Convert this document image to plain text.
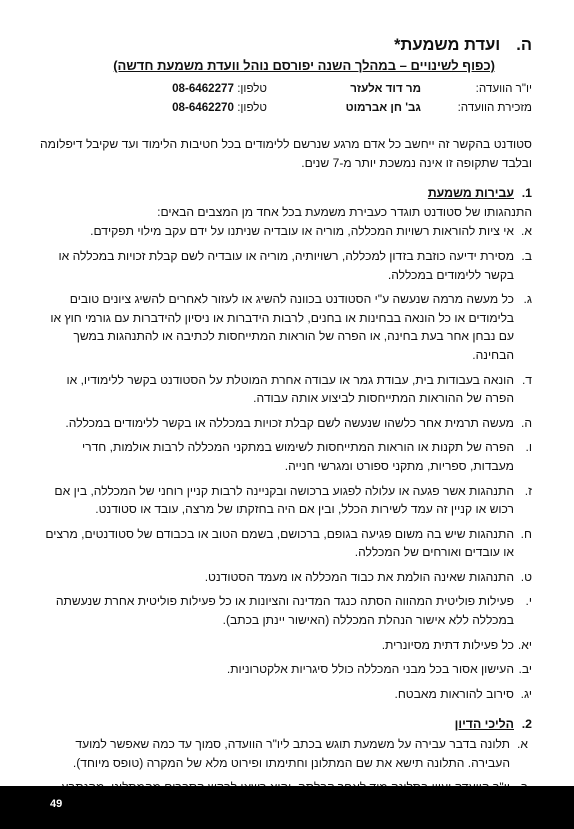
ה.ועדת משמעת*
(כפוף לשינויים – במהלך השנה יפורסם נוהל וועדת משמעת חדשה)
יו"ר הוועדה:
מר דוד אלעזר
טלפון: 08-6462277
מזכירת הוועדה:
גב' חן אברמוט
טלפון: 08-6462270

סטודנט בהקשר זה ייחשב כל אדם מרגע שנרשם ללימודים בכל חטיבות הלימוד ועד שקיבל דיפלומה ובלבד שתקופה זו אינה נמשכת יותר מ-7 שנים.

1.
עבירות משמעת

התנהגותו של סטודנט תוגדר כעבירת משמעת בכל אחד מן המצבים הבאים:

א.
אי ציות להוראות רשויות המכללה, מוריה או עובדיה שניתנו על ידם עקב מילוי תפקידם.
ב.
מסירת ידיעה כוזבת בזדון למכללה, רשויותיה, מוריה או עובדיה לשם קבלת זכויות במכללה או בקשר ללימודים במכללה.
ג.
כל מעשה מרמה שנעשה ע"י הסטודנט בכוונה להשיג או לעזור לאחרים להשיג ציונים טובים בלימודים או כל הונאה בבחינות או בחנים, לרבות הידברות או ניסיון להידברות עם גורמי חוץ או עם נבחן אחר בעת בחינה, או הפרה של הוראות המתייחסות לכתיבה או להתנהגות במשך הבחינה.
ד.
הונאה בעבודות בית, עבודת גמר או עבודה אחרת המוטלת על הסטודנט בקשר ללימודיו, או הפרה של ההוראות המתייחסות לביצוע אותה עבודה.
ה.
מעשה תרמית אחר כלשהו שנעשה לשם קבלת זכויות במכללה או בקשר ללימודים במכללה.
ו.
הפרה של תקנות או הוראות המתייחסות לשימוש במתקני המכללה לרבות אולמות, חדרי מעבדות, ספריות, מתקני ספורט ומגרשי חנייה.
ז.
התנהגות אשר פגעה או עלולה לפגוע ברכושה ובקניינה לרבות קניין רוחני של המכללה, בין אם רכוש או קניין זה עמד לשירות הכלל, ובין אם היה בחזקתו של מרצה, עובד או סטודנט.
ח.
התנהגות שיש בה משום פגיעה בגופם, ברכושם, בשמם הטוב או בכבודם של סטודנטים, מרצים או עובדים ואורחים של המכללה.
ט.
התנהגות שאינה הולמת את כבוד המכללה או מעמד הסטודנט.
י.
פעילות פוליטית המהווה הסתה כנגד המדינה והציונות או כל פעילות פוליטית אחרת שנעשתה במכללה ללא אישור הנהלת המכללה (האישור יינתן בכתב).
יא.
כל פעילות דתית מסיונרית.
יב.
העישון אסור בכל מבני המכללה כולל סיגריות אלקטרוניות.
יג.
סירוב להוראות מאבטח.
2.
הליכי הדיון
א.
תלונה בדבר עבירה על משמעת תוגש בכתב ליו"ר הוועדה, סמוך עד כמה שאפשר למועד העבירה. התלונה תישא את שם המתלונן וחתימתו ופירוט מלא של המקרה (טופס מיוחד).
49
